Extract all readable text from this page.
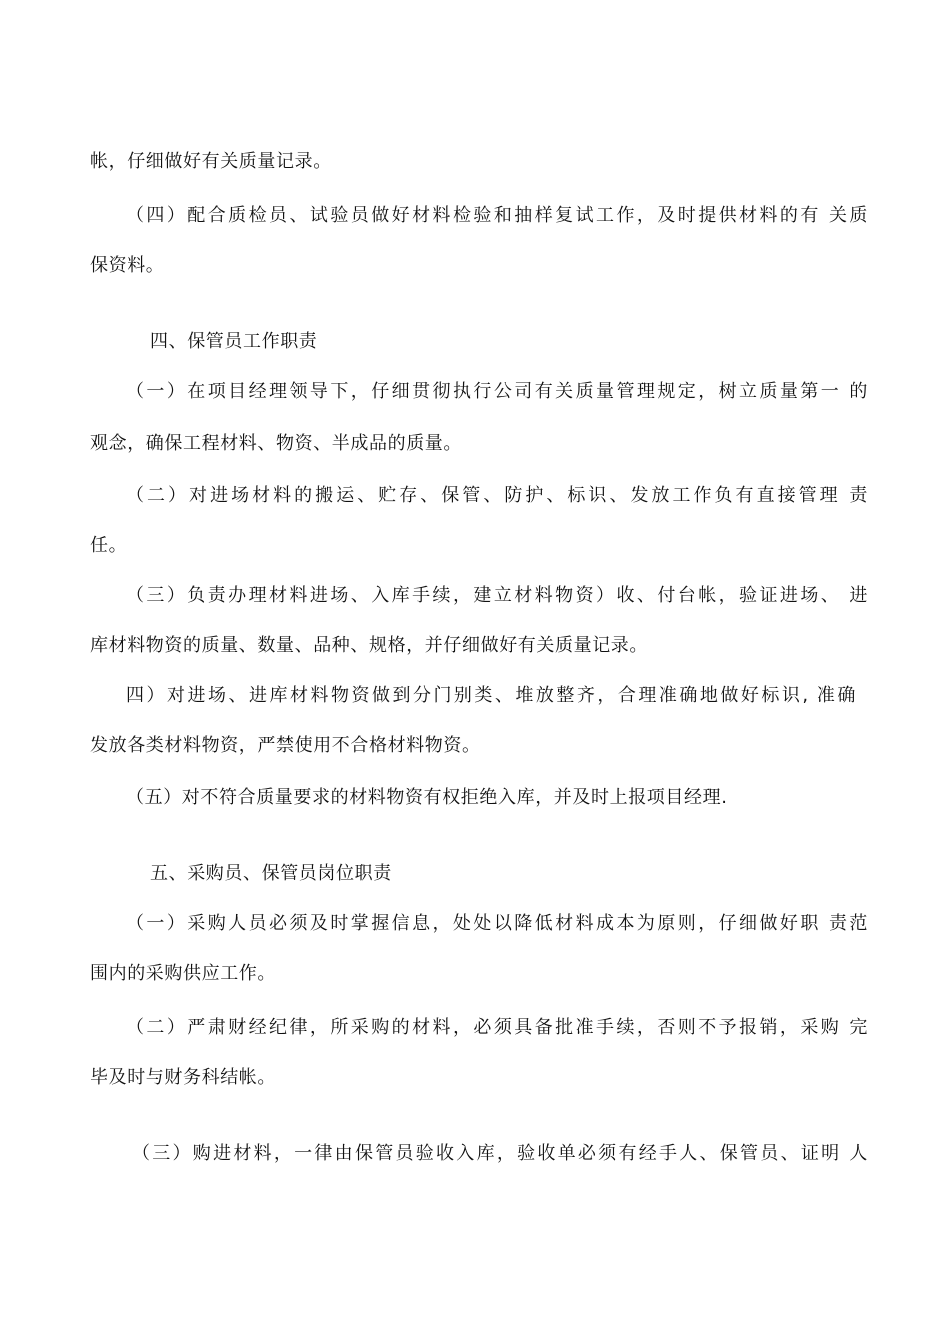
帐，仔细做好有关质量记录。
（四）配合质检员、试验员做好材料检验和抽样复试工作，及时提供材料的有 关质
保资料。
四、保管员工作职责
（一）在项目经理领导下，仔细贯彻执行公司有关质量管理规定，树立质量第一 的
观念，确保工程材料、物资、半成品的质量。
（二）对进场材料的搬运、贮存、保管、防护、标识、发放工作负有直接管理 责
任。
（三）负责办理材料进场、入库手续，建立材料物资）收、付台帐，验证进场、 进
库材料物资的质量、数量、品种、规格，并仔细做好有关质量记录。
四）对进场、进库材料物资做到分门别类、堆放整齐，合理准确地做好标识, 准确
发放各类材料物资，严禁使用不合格材料物资。
（五）对不符合质量要求的材料物资有权拒绝入库，并及时上报项目经理.
五、采购员、保管员岗位职责
（一）采购人员必须及时掌握信息，处处以降低材料成本为原则，仔细做好职 责范
围内的采购供应工作。
（二）严肃财经纪律，所采购的材料，必须具备批准手续，否则不予报销，采购 完
毕及时与财务科结帐。
（三）购进材料，一律由保管员验收入库，验收单必须有经手人、保管员、证明 人
